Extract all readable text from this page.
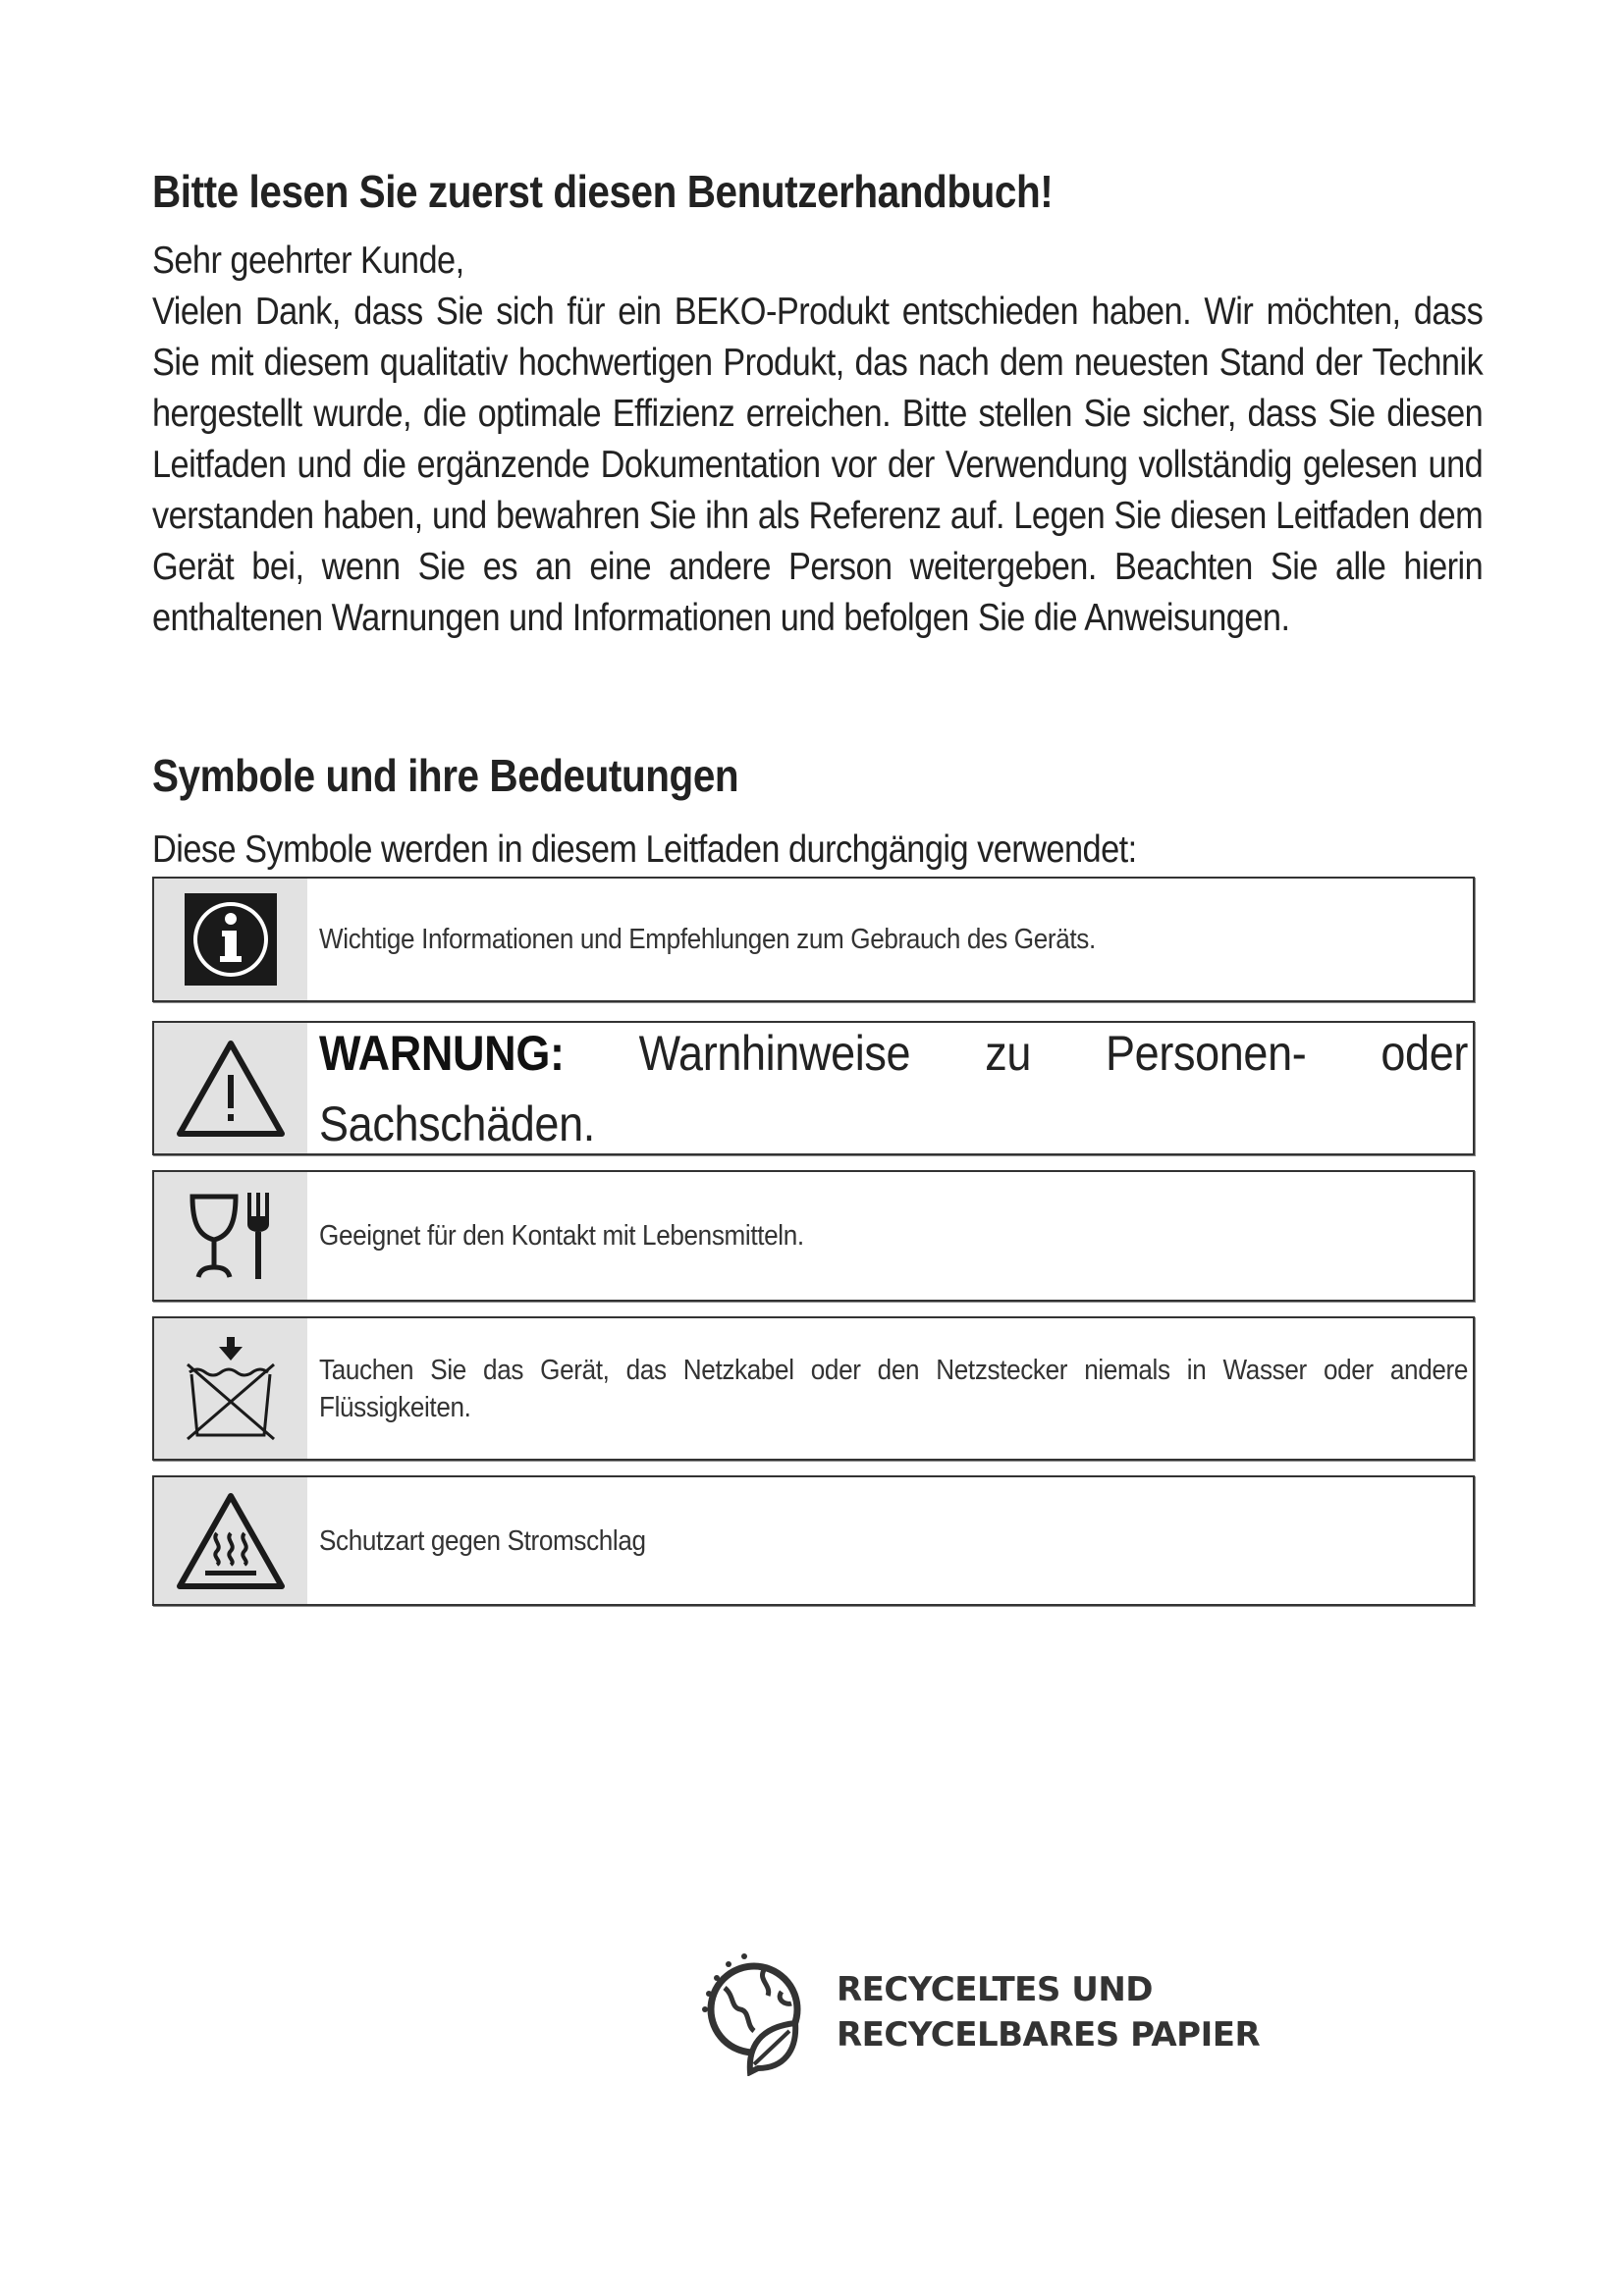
Bitte lesen Sie zuerst diesen Benutzerhandbuch!

Sehr geehrter Kunde,

Vielen Dank, dass Sie sich für ein BEKO-Produkt entschieden haben. Wir möchten, dass Sie mit diesem qualitativ hochwertigen Produkt, das nach dem neuesten Stand der Technik hergestellt wurde, die optimale Effizienz erreichen. Bitte stellen Sie sicher, dass Sie diesen Leitfaden und die ergänzende Dokumentation vor der Verwendung vollständig gelesen und verstanden haben, und bewahren Sie ihn als Referenz auf. Legen Sie diesen Leitfaden dem Gerät bei, wenn Sie es an eine andere Person weitergeben. Beachten Sie alle hierin enthaltenen Warnungen und Informationen und befolgen Sie die Anweisungen.

Symbole und ihre Bedeutungen
Diese Symbole werden in diesem Leitfaden durchgängig verwendet:
Wichtige Informationen und Empfehlungen zum Gebrauch des Geräts.
WARNUNG: Warnhinweise zu Personen- oder Sachschäden.
Geeignet für den Kontakt mit Lebensmitteln.
Tauchen Sie das Gerät, das Netzkabel oder den Netzstecker niemals in Wasser oder andere Flüssigkeiten.
Schutzart gegen Stromschlag
RECYCELTES UND
RECYCELBARES PAPIER
